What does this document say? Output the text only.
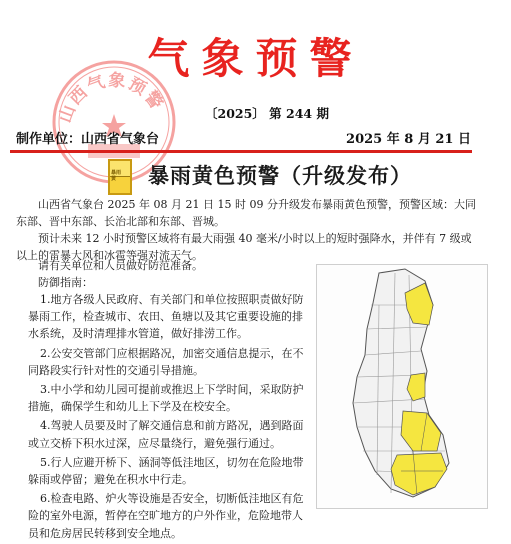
气象预警
山西气象预警	〔2025〕 第 244 期
制作单位：山西省气象台	2025 年 8 月 21 日
暴雨
黄 暴雨黄色预警（升级发布）
山西省气象台 2025 年 08 月 21 日 15 时 09 分升级发布暴雨黄色预警，预警区域：大同东部、晋中东部、长治北部和东部、晋城。
预计未来 12 小时预警区域将有最大雨强 40 毫米/小时以上的短时强降水，并伴有 7 级或以上的雷暴大风和冰雹等强对流天气。
请有关单位和人员做好防范准备。
防御指南：

1.地方各级人民政府、有关部门和单位按照职责做好防暴雨工作，检查城市、农田、鱼塘以及其它重要设施的排水系统，及时清理排水管道，做好排涝工作。

2.公安交管部门应根据路况，加密交通信息提示，在不同路段实行针对性的交通引导措施。

3.中小学和幼儿园可提前或推迟上下学时间，采取防护措施，确保学生和幼儿上下学及在校安全。

4.驾驶人员要及时了解交通信息和前方路况，遇到路面或立交桥下积水过深，应尽量绕行，避免强行通过。

5.行人应避开桥下、涵洞等低洼地区，切勿在危险地带躲雨或停留；避免在积水中行走。

6.检查电路、炉火等设施是否安全，切断低洼地区有危险的室外电源，暂停在空旷地方的户外作业，危险地带人员和危房居民转移到安全地点。
